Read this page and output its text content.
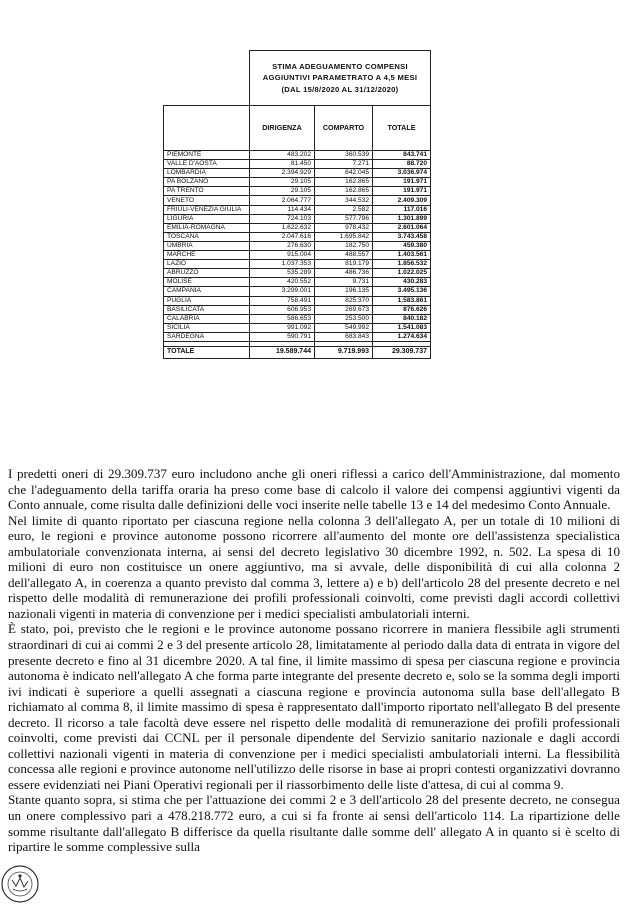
	STIMA ADEGUAMENTO COMPENSI AGGIUNTIVI PARAMETRATO A 4,5 MESI (DAL 15/8/2020 AL 31/12/2020)		
	DIRIGENZA	COMPARTO	TOTALE
PIEMONTE	483.202	360.539	843.741
VALLE D'AOSTA	81.450	7.271	88.720
LOMBARDIA	2.394.929	642.045	3.036.974
PA BOLZANO	29.105	162.865	191.971
PA TRENTO	29.105	162.865	191.971
VENETO	2.064.777	344.532	2.409.309
FRIULI-VENEZIA GIULIA	114.434	2.582	117.016
LIGURIA	724.103	577.796	1.301.899
EMILIA-ROMAGNA	1.622.632	978.432	2.601.064
TOSCANA	2.047.616	1.695.842	3.743.458
UMBRIA	276.630	182.750	459.380
MARCHE	915.004	488.557	1.403.561
LAZIO	1.037.353	819.179	1.856.532
ABRUZZO	535.289	486.736	1.022.025
MOLISE	420.552	9.731	430.283
CAMPANIA	3.299.001	196.135	3.495.136
PUGLIA	758.491	825.370	1.583.861
BASILICATA	606.953	269.673	876.626
CALABRIA	586.653	253.500	840.182
SICILIA	991.092	549.992	1.541.083
SARDEGNA	590.791	683.843	1.274.634

TOTALE	19.589.744	9.719.993	29.309.737

I predetti oneri di 29.309.737 euro includono anche gli oneri riflessi a carico dell'Amministrazione, dal momento che l'adeguamento della tariffa oraria ha preso come base di calcolo il valore dei compensi aggiuntivi vigenti da Conto annuale, come risulta dalle definizioni delle voci inserite nelle tabelle 13 e 14 del medesimo Conto Annuale.

Nel limite di quanto riportato per ciascuna regione nella colonna 3 dell'allegato A, per un totale di 10 milioni di euro, le regioni e province autonome possono ricorrere all'aumento del monte ore dell'assistenza specialistica ambulatoriale convenzionata interna, ai sensi del decreto legislativo 30 dicembre 1992, n. 502. La spesa di 10 milioni di euro non costituisce un onere aggiuntivo, ma si avvale, delle disponibilità di cui alla colonna 2 dell'allegato A, in coerenza a quanto previsto dal comma 3, lettere a) e b) dell'articolo 28 del presente decreto e nel rispetto delle modalità di remunerazione dei profili professionali coinvolti, come previsti dagli accordi collettivi nazionali vigenti in materia di convenzione per i medici specialisti ambulatoriali interni.

È stato, poi, previsto che le regioni e le province autonome possano ricorrere in maniera flessibile agli strumenti straordinari di cui ai commi 2 e 3 del presente articolo 28, limitatamente al periodo dalla data di entrata in vigore del presente decreto e fino al 31 dicembre 2020. A tal fine, il limite massimo di spesa per ciascuna regione e provincia autonoma è indicato nell'allegato A che forma parte integrante del presente decreto e, solo se la somma degli importi ivi indicati è superiore a quelli assegnati a ciascuna regione e provincia autonoma sulla base dell'allegato B richiamato al comma 8, il limite massimo di spesa è rappresentato dall'importo riportato nell'allegato B del presente decreto. Il ricorso a tale facoltà deve essere nel rispetto delle modalità di remunerazione dei profili professionali coinvolti, come previsti dai CCNL per il personale dipendente del Servizio sanitario nazionale e dagli accordi collettivi nazionali vigenti in materia di convenzione per i medici specialisti ambulatoriali interni. La flessibilità concessa alle regioni e province autonome nell'utilizzo delle risorse in base ai propri contesti organizzativi dovranno essere evidenziati nei Piani Operativi regionali per il riassorbimento delle liste d'attesa, di cui al comma 9.

Stante quanto sopra, si stima che per l'attuazione dei commi 2 e 3 dell'articolo 28 del presente decreto, ne consegua un onere complessivo pari a 478.218.772 euro, a cui si fa fronte ai sensi dell'articolo 114. La ripartizione delle somme risultante dall'allegato B differisce da quella risultante dalle somme dell' allegato A in quanto si è scelto di ripartire le somme complessive sulla
